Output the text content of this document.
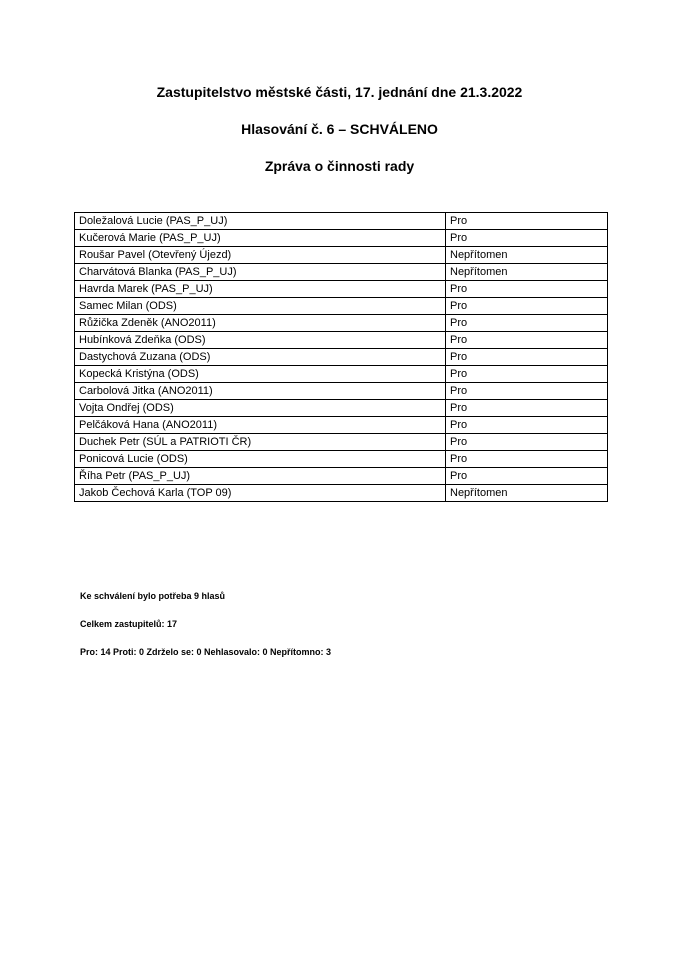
Zastupitelstvo městské části, 17. jednání dne 21.3.2022
Hlasování č. 6 – SCHVÁLENO
Zpráva o činnosti rady
Doležalová Lucie (PAS_P_UJ)	Pro
Kučerová Marie (PAS_P_UJ)	Pro
Roušar Pavel (Otevřený Újezd)	Nepřítomen
Charvátová Blanka (PAS_P_UJ)	Nepřítomen
Havrda Marek (PAS_P_UJ)	Pro
Samec Milan (ODS)	Pro
Růžička Zdeněk (ANO2011)	Pro
Hubínková Zdeňka (ODS)	Pro
Dastychová Zuzana (ODS)	Pro
Kopecká Kristýna (ODS)	Pro
Carbolová Jitka (ANO2011)	Pro
Vojta Ondřej (ODS)	Pro
Pelčáková Hana (ANO2011)	Pro
Duchek Petr (SÚL a PATRIOTI ČR)	Pro
Ponicová Lucie (ODS)	Pro
Říha Petr (PAS_P_UJ)	Pro
Jakob Čechová Karla (TOP 09)	Nepřítomen

Ke schválení bylo potřeba 9 hlasů

Celkem zastupitelů: 17

Pro: 14 Proti: 0 Zdrželo se: 0 Nehlasovalo: 0 Nepřítomno: 3
